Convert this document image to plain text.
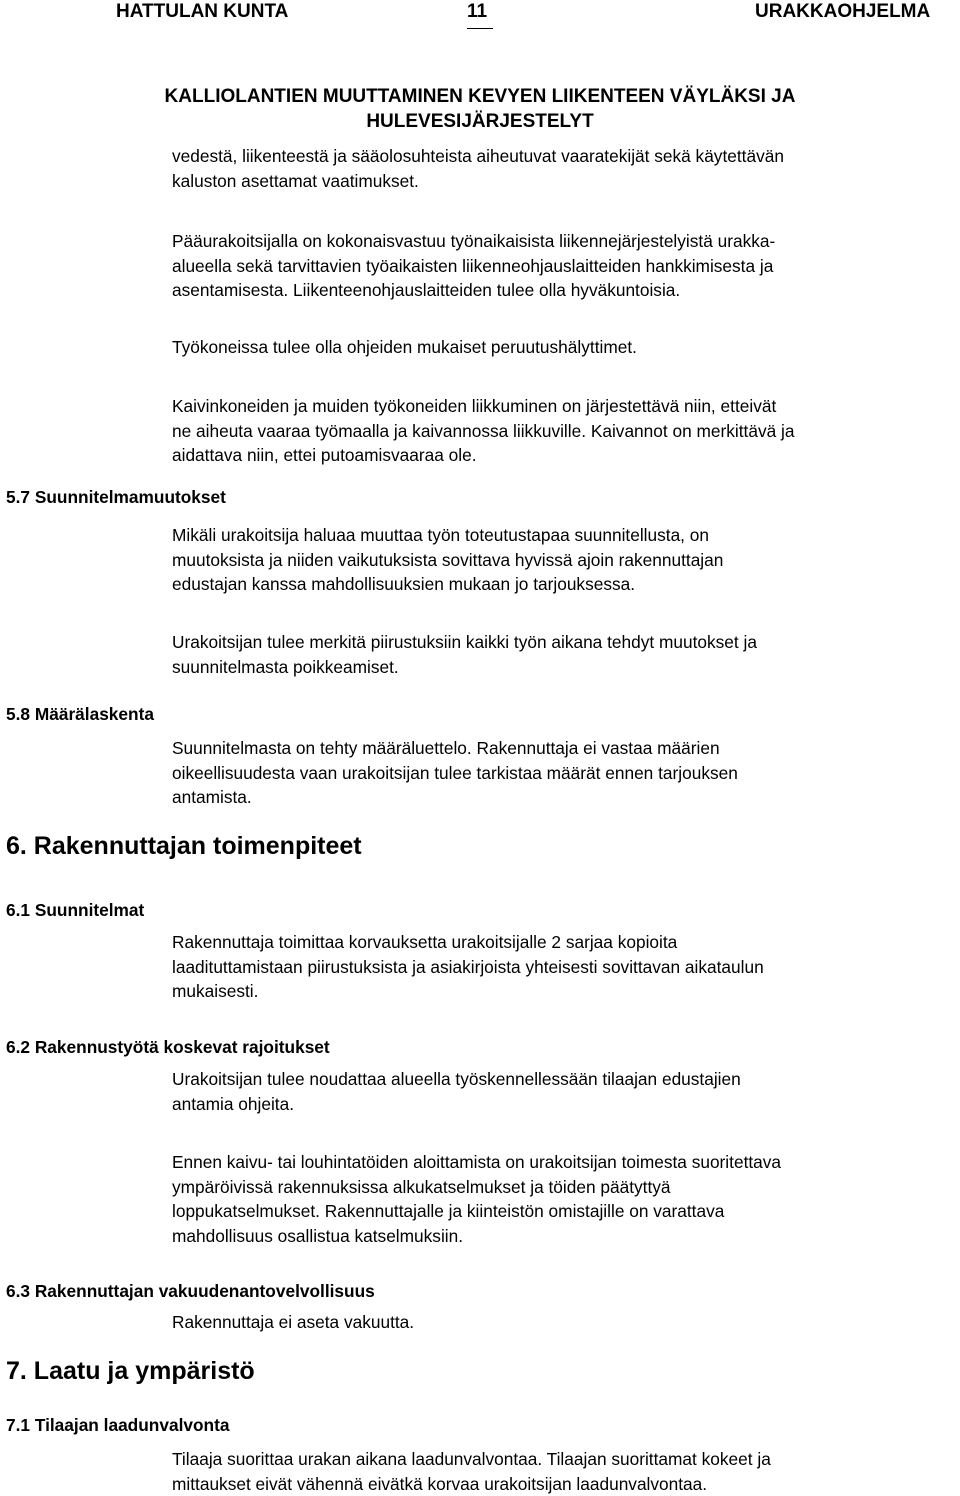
HATTULAN KUNTA	11	URAKKAOHJELMA
KALLIOLANTIEN MUUTTAMINEN KEVYEN LIIKENTEEN VÄYLÄKSI JA
HULEVESIJÄRJESTELYT
vedestä, liikenteestä ja sääolosuhteista aiheutuvat vaaratekijät sekä käytettävän
kaluston asettamat vaatimukset.
Pääurakoitsijalla on kokonaisvastuu työnaikaisista liikennejärjestelyistä urakka-
alueella sekä tarvittavien työaikaisten liikenneohjauslaitteiden hankkimisesta ja
asentamisesta. Liikenteenohjauslaitteiden tulee olla hyväkuntoisia.
Työkoneissa tulee olla ohjeiden mukaiset peruutushälyttimet.
Kaivinkoneiden ja muiden työkoneiden liikkuminen on järjestettävä niin, etteivät
ne aiheuta vaaraa työmaalla ja kaivannossa liikkuville. Kaivannot on merkittävä ja
aidattava niin, ettei putoamisvaaraa ole.
5.7 Suunnitelmamuutokset
Mikäli urakoitsija haluaa muuttaa työn toteutustapaa suunnitellusta, on
muutoksista ja niiden vaikutuksista sovittava hyvissä ajoin rakennuttajan
edustajan kanssa mahdollisuuksien mukaan jo tarjouksessa.
Urakoitsijan tulee merkitä piirustuksiin kaikki työn aikana tehdyt muutokset ja
suunnitelmasta poikkeamiset.
5.8 Määrälaskenta
Suunnitelmasta on tehty määräluettelo. Rakennuttaja ei vastaa määrien
oikeellisuudesta vaan urakoitsijan tulee tarkistaa määrät ennen tarjouksen
antamista.
6. Rakennuttajan toimenpiteet
6.1 Suunnitelmat
Rakennuttaja toimittaa korvauksetta urakoitsijalle 2 sarjaa kopioita
laadituttamistaan piirustuksista ja asiakirjoista yhteisesti sovittavan aikataulun
mukaisesti.
6.2 Rakennustyötä koskevat rajoitukset
Urakoitsijan tulee noudattaa alueella työskennellessään tilaajan edustajien
antamia ohjeita.
Ennen kaivu- tai louhintatöiden aloittamista on urakoitsijan toimesta suoritettava
ympäröivissä rakennuksissa alkukatselmukset ja töiden päätyttyä
loppukatselmukset. Rakennuttajalle ja kiinteistön omistajille on varattava
mahdollisuus osallistua katselmuksiin.
6.3 Rakennuttajan vakuudenantovelvollisuus
Rakennuttaja ei aseta vakuutta.
7. Laatu ja ympäristö
7.1 Tilaajan laadunvalvonta
Tilaaja suorittaa urakan aikana laadunvalvontaa. Tilaajan suorittamat kokeet ja
mittaukset eivät vähennä eivätkä korvaa urakoitsijan laadunvalvontaa.
